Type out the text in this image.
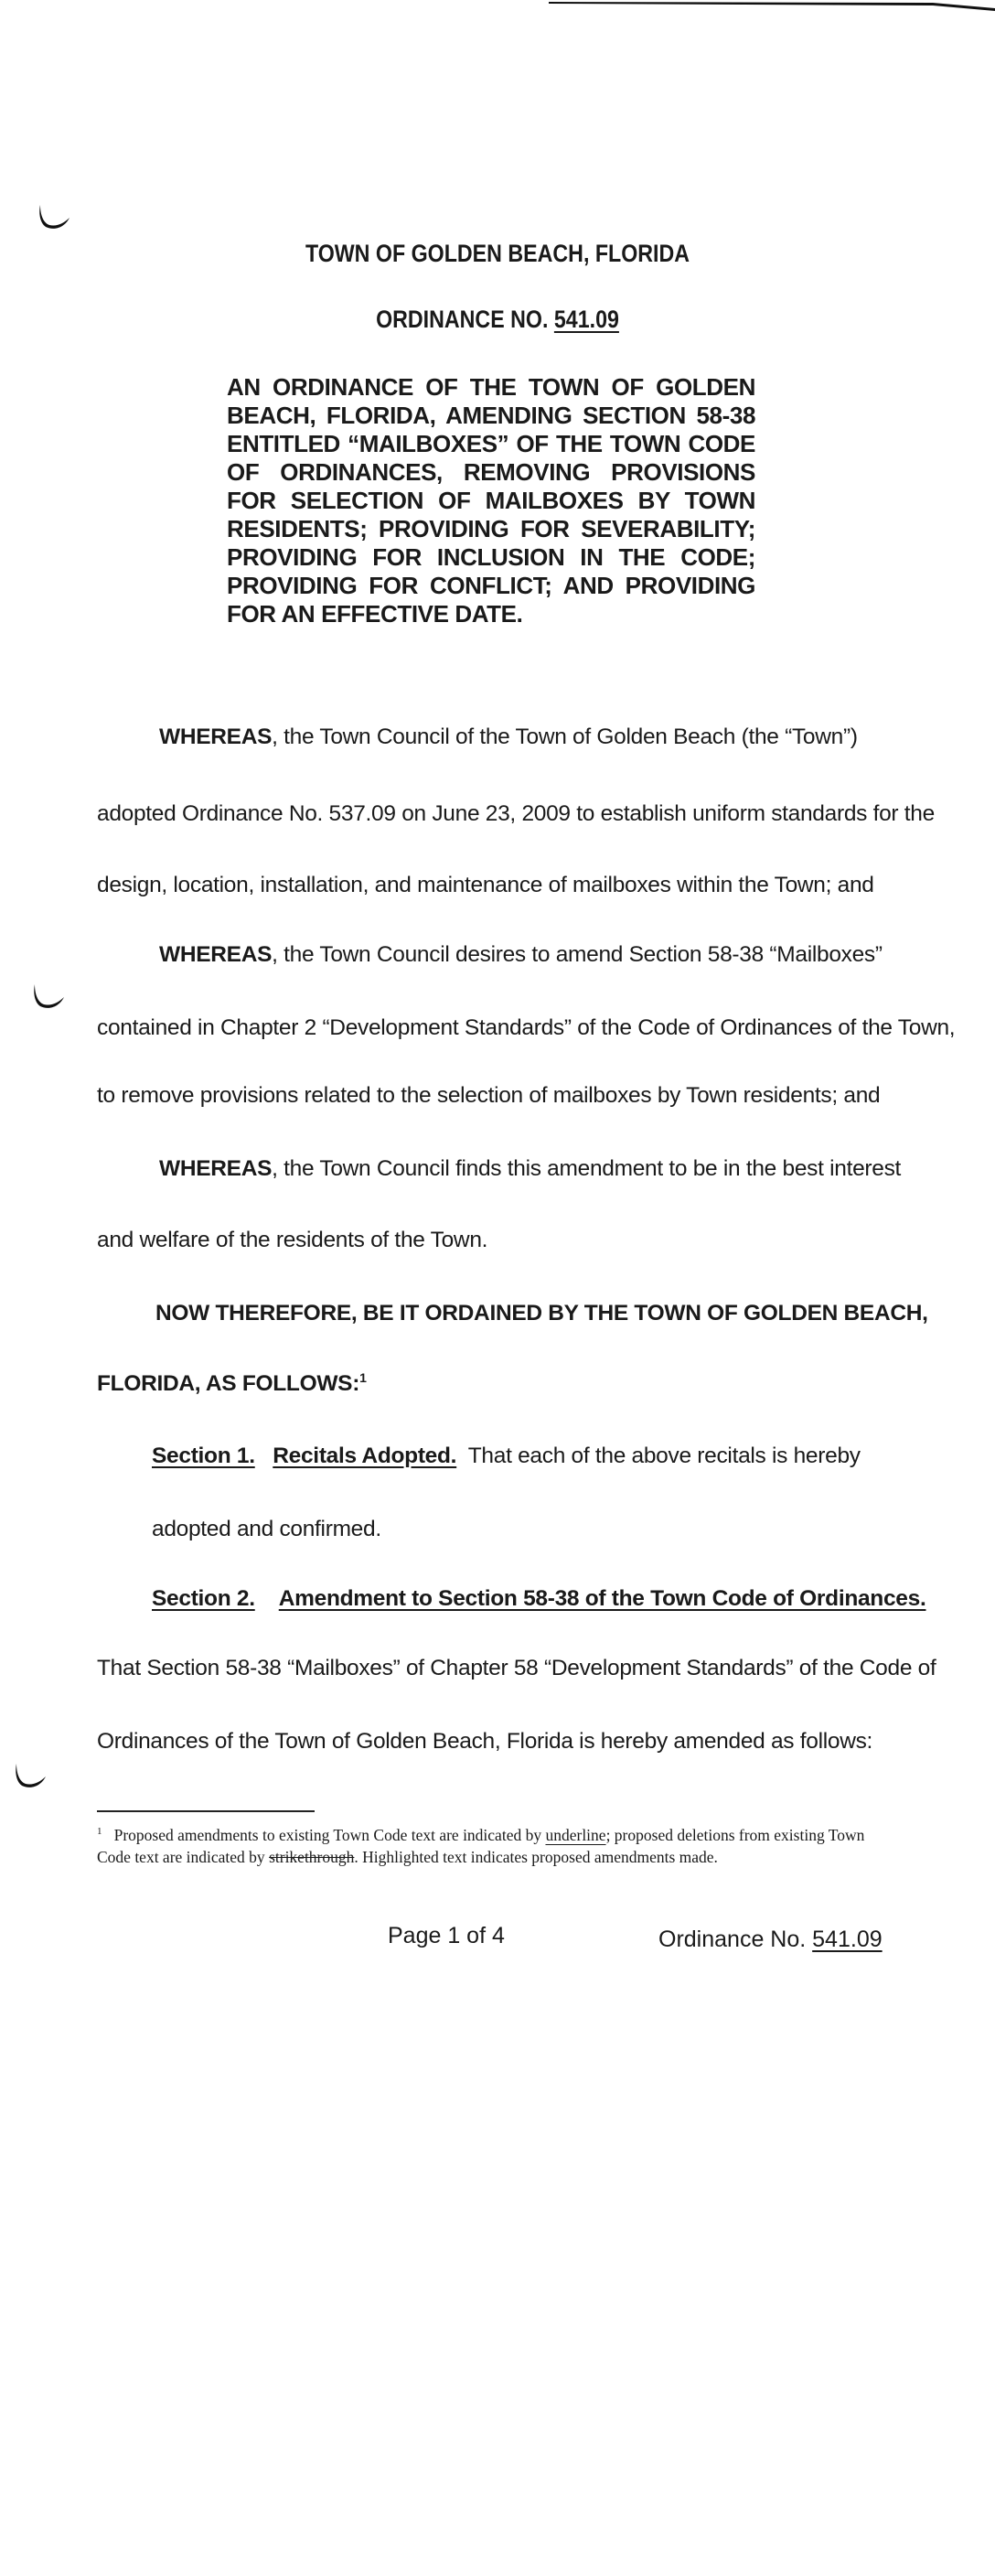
TOWN OF GOLDEN BEACH, FLORIDA
ORDINANCE NO. 541.09
AN ORDINANCE OF THE TOWN OF GOLDEN BEACH, FLORIDA, AMENDING SECTION 58-38 ENTITLED “MAILBOXES” OF THE TOWN CODE OF ORDINANCES, REMOVING PROVISIONS FOR SELECTION OF MAILBOXES BY TOWN RESIDENTS; PROVIDING FOR SEVERABILITY; PROVIDING FOR INCLUSION IN THE CODE; PROVIDING FOR CONFLICT; AND PROVIDING FOR AN EFFECTIVE DATE.
WHEREAS, the Town Council of the Town of Golden Beach (the “Town”)
adopted Ordinance No. 537.09 on June 23, 2009 to establish uniform standards for the
design, location, installation, and maintenance of mailboxes within the Town; and
WHEREAS, the Town Council desires to amend Section 58-38 “Mailboxes”
contained in Chapter 2 “Development Standards” of the Code of Ordinances of the Town,
to remove provisions related to the selection of mailboxes by Town residents; and
WHEREAS, the Town Council finds this amendment to be in the best interest
and welfare of the residents of the Town.
NOW THEREFORE, BE IT ORDAINED BY THE TOWN OF GOLDEN BEACH,
FLORIDA, AS FOLLOWS:$^1$
Section 1. Recitals Adopted. That each of the above recitals is hereby
adopted and confirmed.
Section 2. Amendment to Section 58-38 of the Town Code of Ordinances.
That Section 58-38 “Mailboxes” of Chapter 58 “Development Standards” of the Code of
Ordinances of the Town of Golden Beach, Florida is hereby amended as follows:
$^1$ Proposed amendments to existing Town Code text are indicated by underline; proposed deletions from existing Town Code text are indicated by strikethrough. Highlighted text indicates proposed amendments made.
Page 1 of 4	Ordinance No. 541.09
